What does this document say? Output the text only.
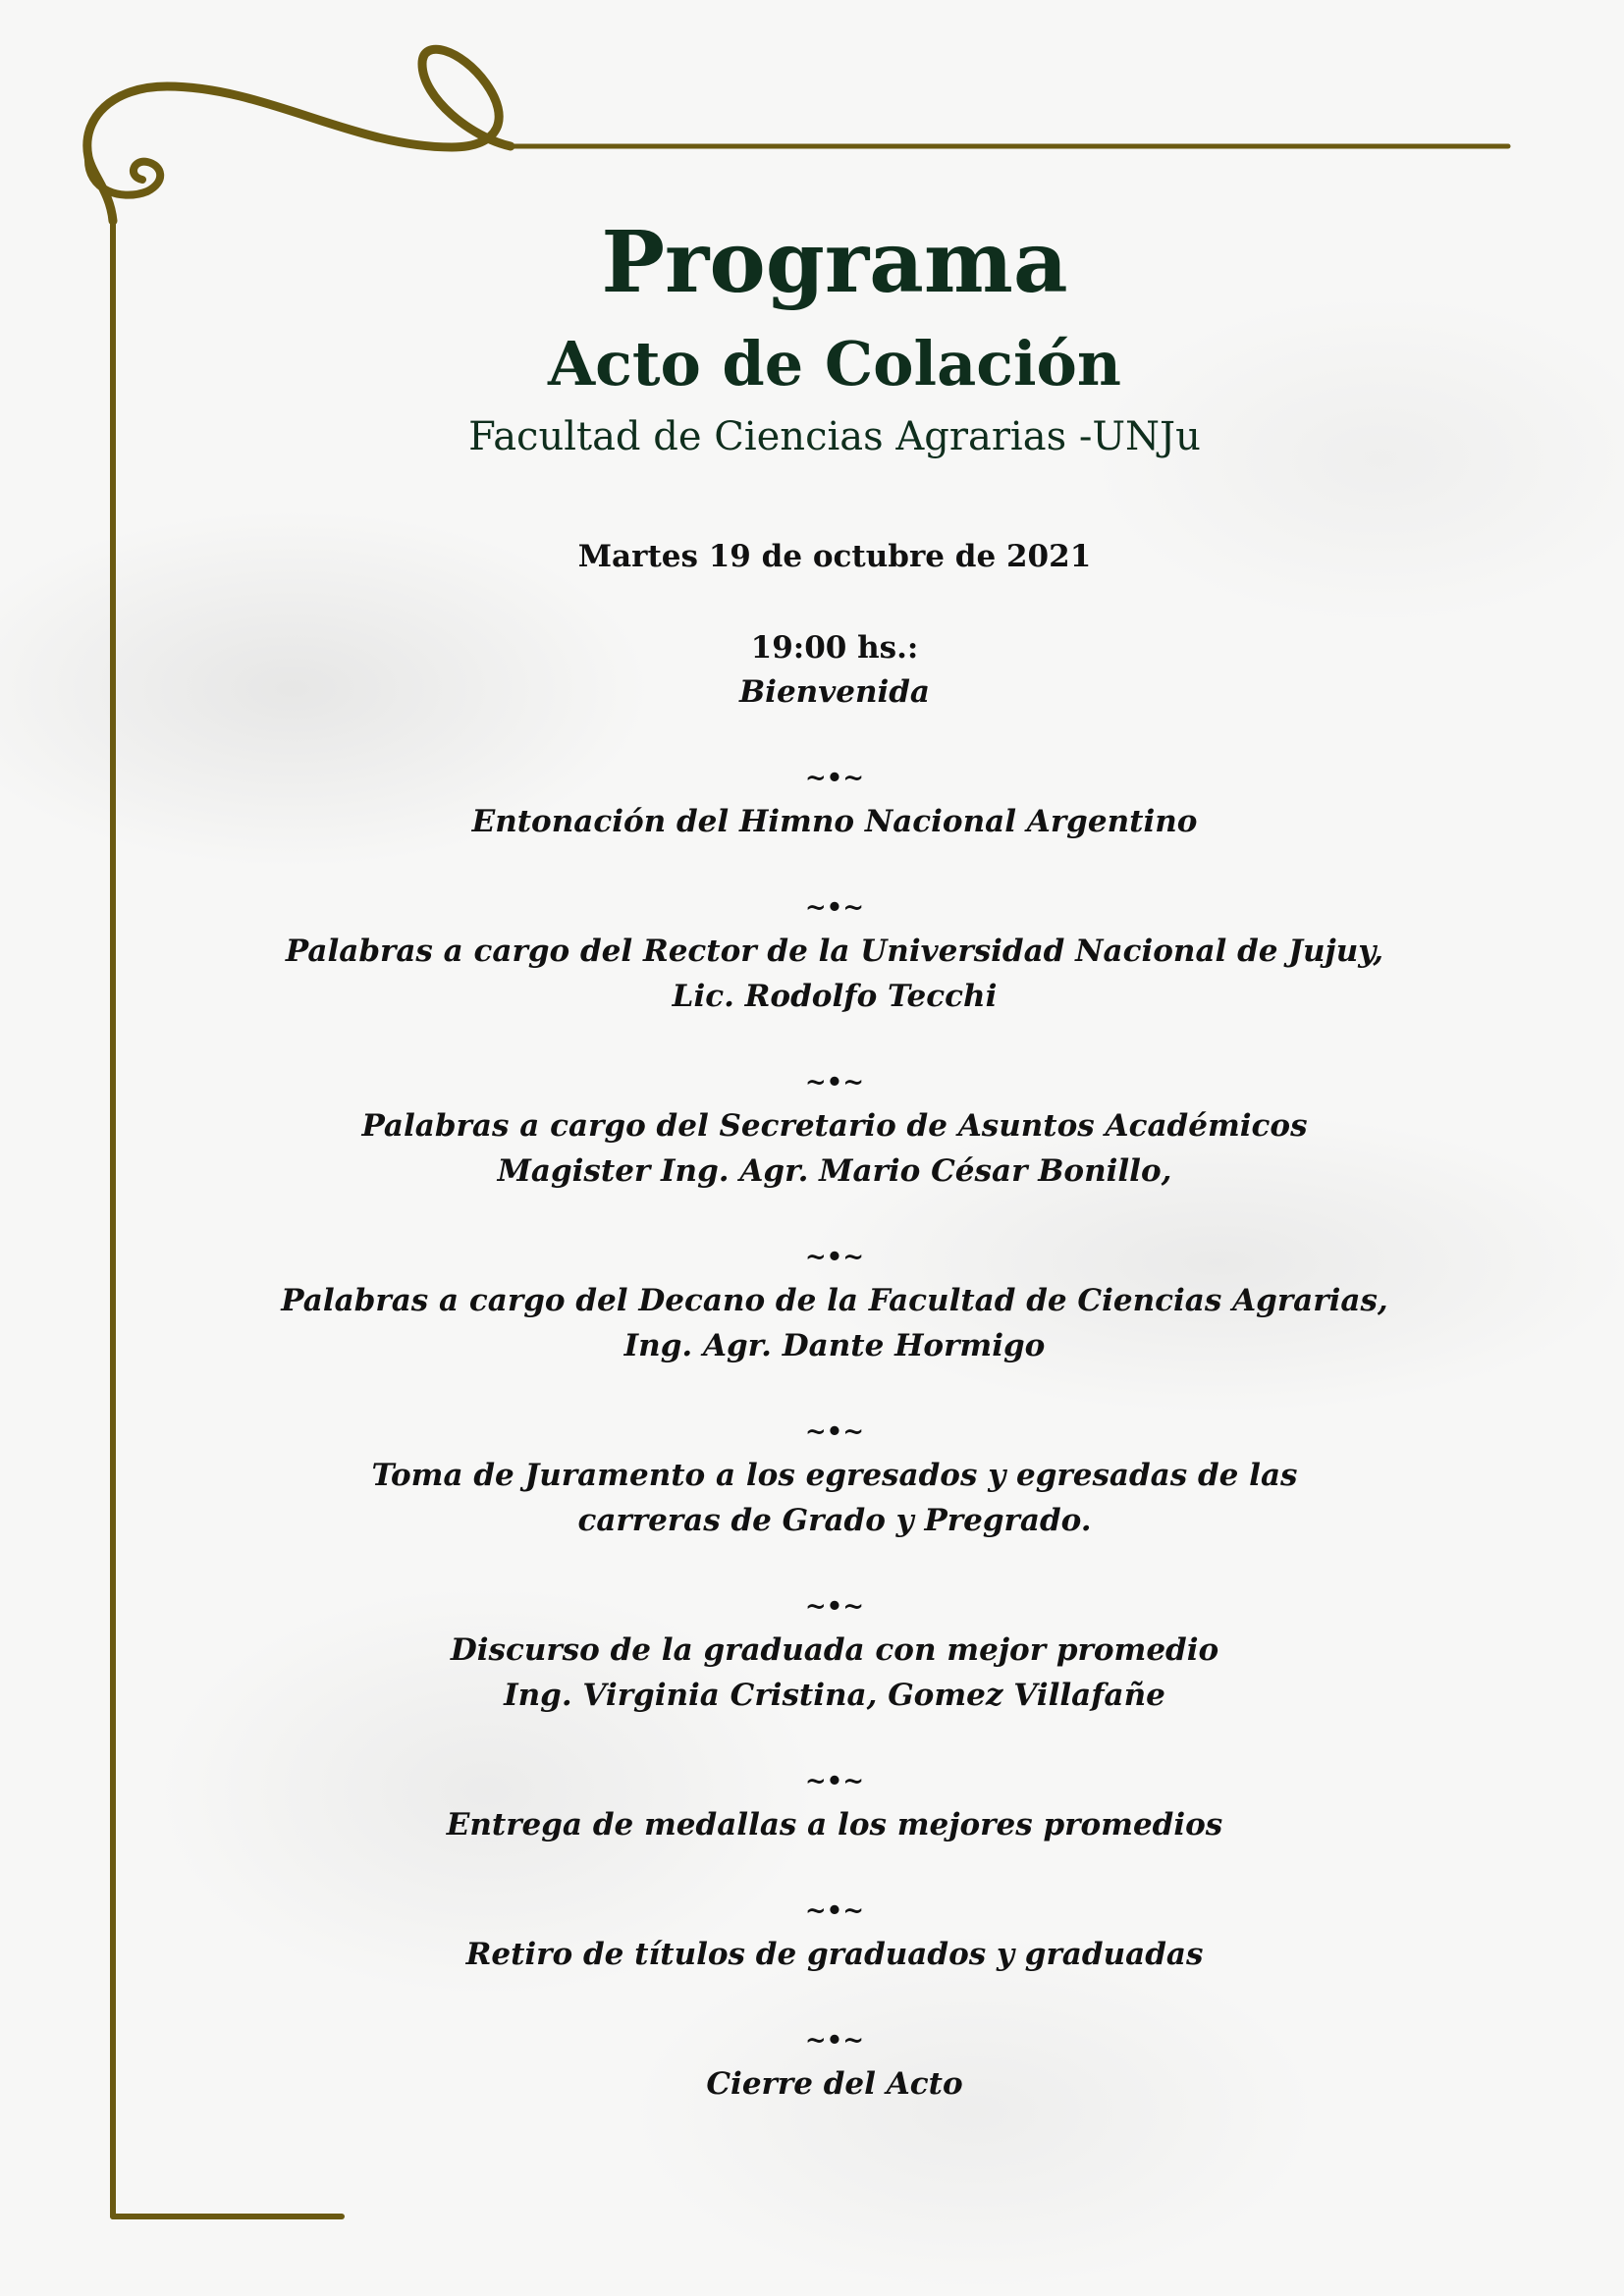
Programa
Acto de Colación
Facultad de Ciencias Agrarias -UNJu
Martes 19 de octubre de 2021
19:00 hs.:
Bienvenida
~•~
Entonación del Himno Nacional Argentino
~•~
Palabras a cargo del Rector de la Universidad Nacional de Jujuy,
Lic. Rodolfo Tecchi
~•~
Palabras a cargo del Secretario de Asuntos Académicos
Magister Ing. Agr. Mario César Bonillo,
~•~
Palabras a cargo del Decano de la Facultad de Ciencias Agrarias,
Ing. Agr. Dante Hormigo
~•~
Toma de Juramento a los egresados y egresadas de las
carreras de Grado y Pregrado.
~•~
Discurso de la graduada con mejor promedio
Ing. Virginia Cristina, Gomez Villafañe
~•~
Entrega de medallas a los mejores promedios
~•~
Retiro de títulos de graduados y graduadas
~•~
Cierre del Acto
